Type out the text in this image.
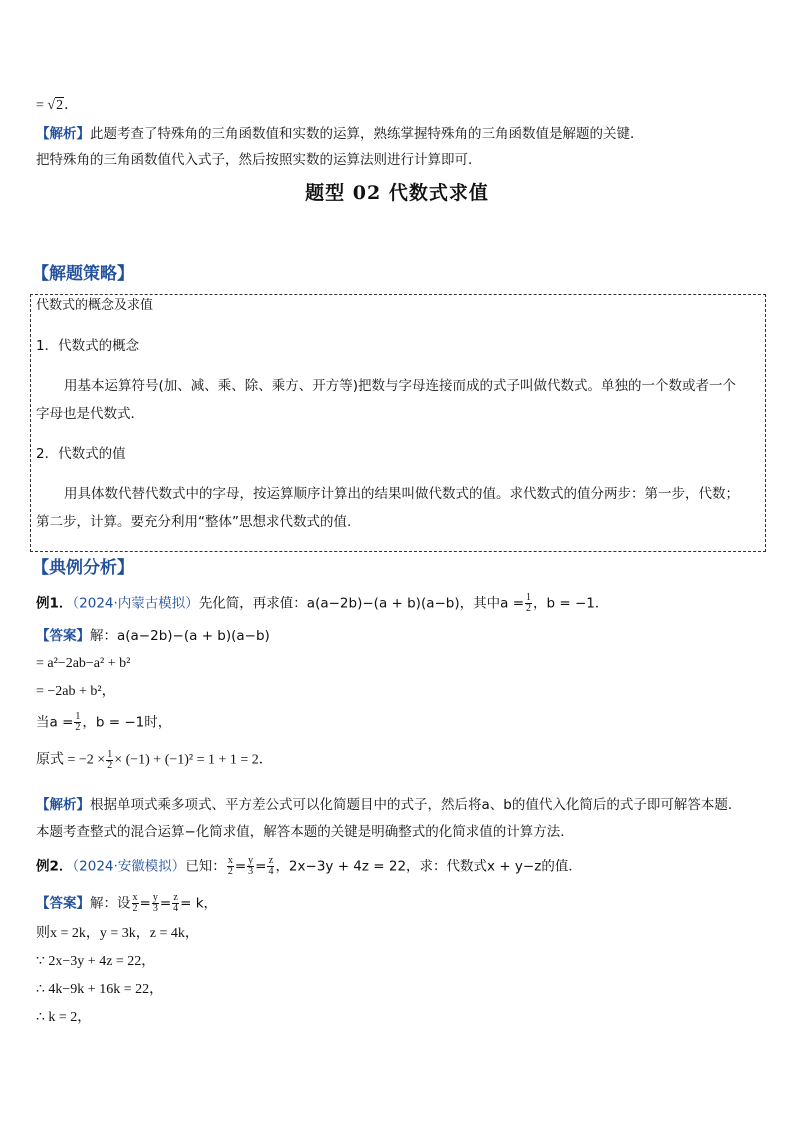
= √2．
【解析】此题考查了特殊角的三角函数值和实数的运算，熟练掌握特殊角的三角函数值是解题的关键．
把特殊角的三角函数值代入式子，然后按照实数的运算法则进行计算即可．
题型 02 代数式求值
【解题策略】
代数式的概念及求值
1．代数式的概念
用基本运算符号(加、减、乘、除、乘方、开方等)把数与字母连接而成的式子叫做代数式。单独的一个数或者一个
字母也是代数式．
2．代数式的值
用具体数代替代数式中的字母，按运算顺序计算出的结果叫做代数式的值。求代数式的值分两步：第一步，代数；
第二步，计算。要充分利用“整体”思想求代数式的值.
【典例分析】
例1．（2024·内蒙古模拟）先化简，再求值：a(a−2b)−(a + b)(a−b)，其中$a = \frac{1}{2}$ ，b = −1．
【答案】解：a(a−2b)−(a + b)(a−b)
= a²−2ab−a² + b²
= −2ab + b²，
当$a = \frac{1}{2}$ ，b = −1时，
原式 = $-2 \times \frac{1}{2} \times (-1) + (-1)^2 = 1 + 1 = 2$．
【解析】根据单项式乘多项式、平方差公式可以化简题目中的式子，然后将a、b的值代入化简后的式子即可解答本题．
本题考查整式的混合运算−化简求值，解答本题的关键是明确整式的化简求值的计算方法．
例2．（2024·安徽模拟）已知： $\frac{x}{2} = \frac{y}{3} = \frac{z}{4}$ ，2x−3y + 4z = 22，求：代数式x + y−z的值．
【答案】解：设 $\frac{x}{2} = \frac{y}{3} = \frac{z}{4} = k$，
则x = 2k，y = 3k，z = 4k，
∵ 2x−3y + 4z = 22，
∴ 4k−9k + 16k = 22，
∴ k = 2，
